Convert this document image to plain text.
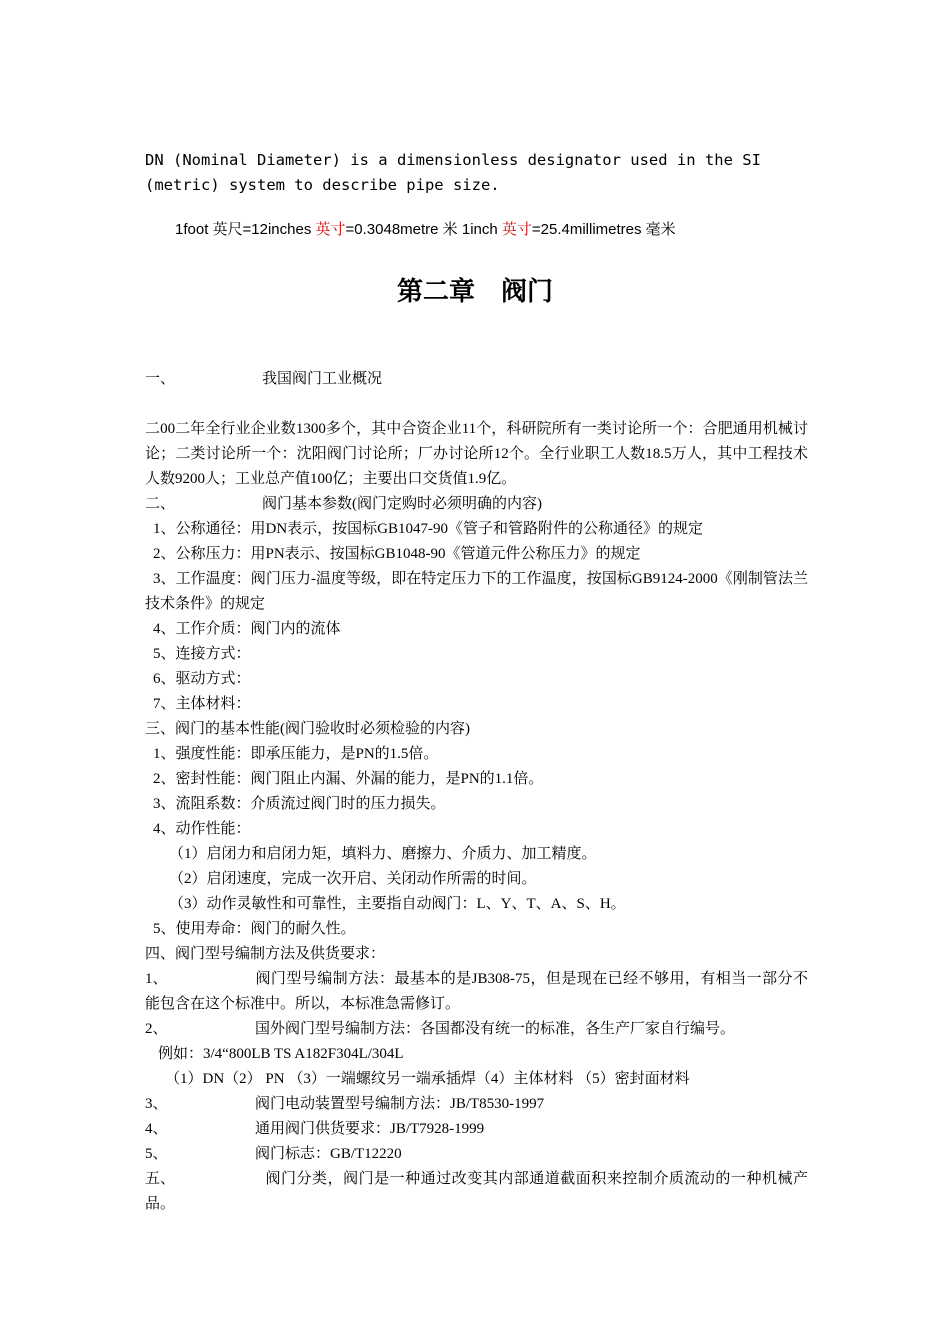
DN (Nominal Diameter) is a dimensionless designator used in the SI (metric) system to describe pipe size.
1foot 英尺=12inches 英寸=0.3048metre 米 1inch 英寸=25.4millimetres 毫米
第二章 阀门
一、	我国阀门工业概况
二00二年全行业企业数1300多个，其中合资企业11个，科研院所有一类讨论所一个：合肥通用机械讨论；二类讨论所一个：沈阳阀门讨论所；厂办讨论所12个。全行业职工人数18.5万人，其中工程技术人数9200人；工业总产值100亿；主要出口交货值1.9亿。
二、	阀门基本参数(阀门定购时必须明确的内容)
1、公称通径：用DN表示，按国标GB1047-90《管子和管路附件的公称通径》的规定
2、公称压力：用PN表示、按国标GB1048-90《管道元件公称压力》的规定
3、工作温度：阀门压力-温度等级，即在特定压力下的工作温度，按国标GB9124-2000《刚制管法兰 技术条件》的规定
4、工作介质：阀门内的流体
5、连接方式：
6、驱动方式：
7、主体材料：
三、阀门的基本性能(阀门验收时必须检验的内容)
1、强度性能：即承压能力，是PN的1.5倍。
2、密封性能：阀门阻止内漏、外漏的能力，是PN的1.1倍。
3、流阻系数：介质流过阀门时的压力损失。
4、动作性能：
（1）启闭力和启闭力矩，填料力、磨擦力、介质力、加工精度。
（2）启闭速度，完成一次开启、关闭动作所需的时间。
（3）动作灵敏性和可靠性，主要指自动阀门：L、Y、T、A、S、H。
5、使用寿命：阀门的耐久性。
四、阀门型号编制方法及供货要求：
1、	阀门型号编制方法：最基本的是JB308-75，但是现在已经不够用，有相当一部分不能包含在这个标准中。所以，本标准急需修订。
2、	国外阀门型号编制方法：各国都没有统一的标准，各生产厂家自行编号。
例如：3/4“800LB TS A182F304L/304L
（1）DN（2） PN （3）一端螺纹另一端承插焊（4）主体材料 （5）密封面材料
3、	阀门电动装置型号编制方法：JB/T8530-1997
4、	通用阀门供货要求：JB/T7928-1999
5、	阀门标志：GB/T12220
五、	阀门分类，阀门是一种通过改变其内部通道截面积来控制介质流动的一种机械产品。
